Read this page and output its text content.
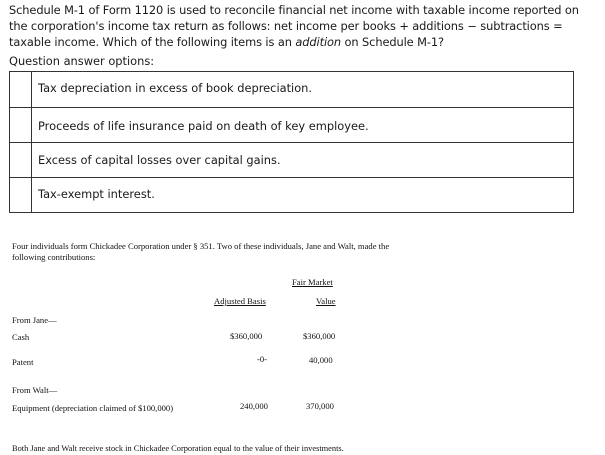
Schedule M-1 of Form 1120 is used to reconcile financial net income with taxable income reported on the corporation's income tax return as follows: net income per books + additions − subtractions = taxable income. Which of the following items is an addition on Schedule M-1?
Question answer options:
Tax depreciation in excess of book depreciation.
Proceeds of life insurance paid on death of key employee.
Excess of capital losses over capital gains.
Tax-exempt interest.
Four individuals form Chickadee Corporation under § 351. Two of these individuals, Jane and Walt, made the
following contributions:
Fair Market
Adjusted Basis	Value
From Jane—
Cash	$360,000	$360,000
Patent	-0-	40,000
From Walt—
Equipment (depreciation claimed of $100,000)	240,000	370,000
Both Jane and Walt receive stock in Chickadee Corporation equal to the value of their investments.
